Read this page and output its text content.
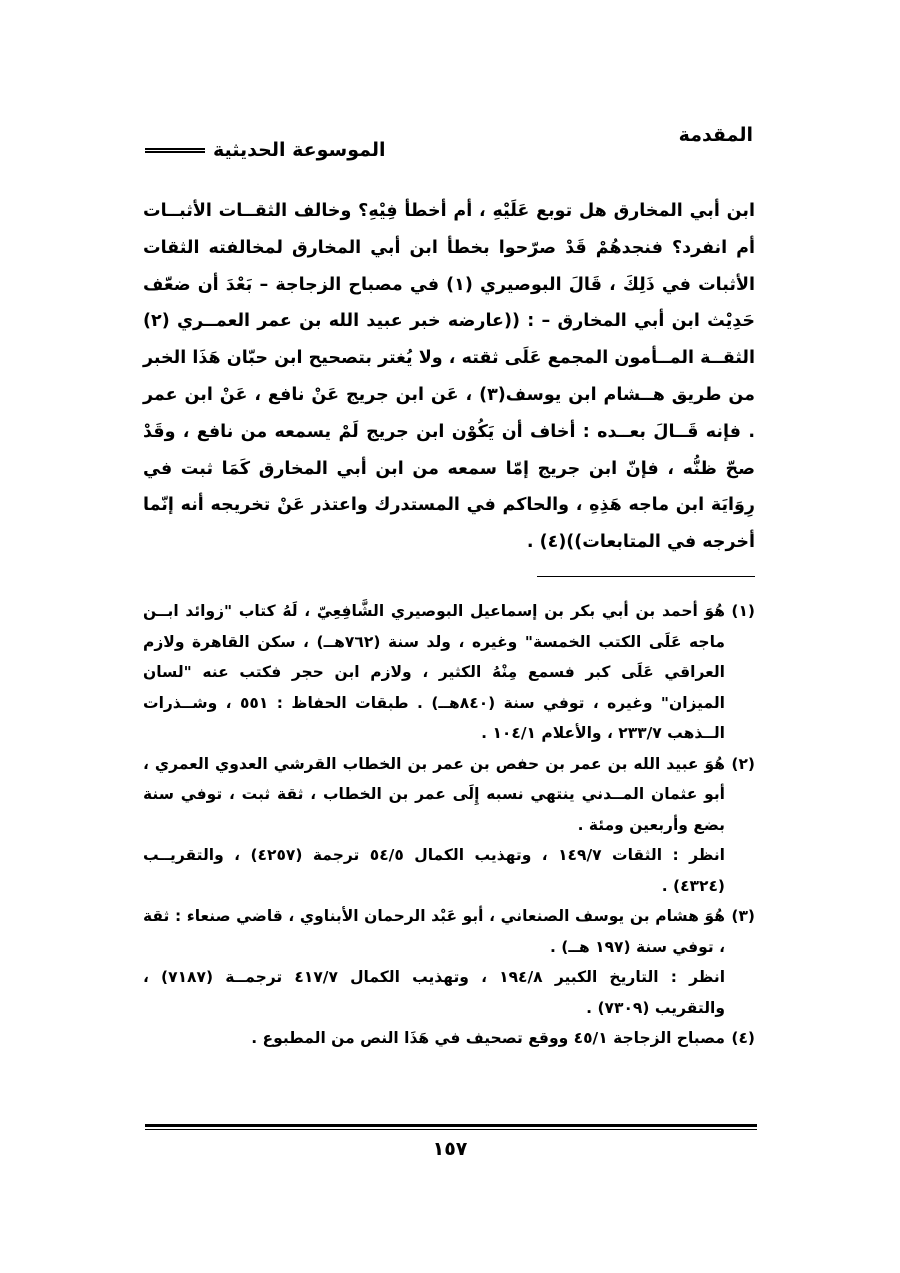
المقدمة
الموسوعة الحديثية

ابن أبي المخارق هل توبع عَلَيْهِ ، أم أخطأ فِيْهِ؟ وخالف الثقــات الأثبــات أم انفرد؟ فنجدهُمْ قَدْ صرّحوا بخطأ ابن أبي المخارق لمخالفته الثقات الأثبات في ذَلِكَ ، قَالَ البوصيري (١) في مصباح الزجاجة – بَعْدَ أن ضعّف حَدِيْث ابن أبي المخارق – : ((عارضه خبر عبيد الله بن عمر العمــري (٢) الثقــة المــأمون المجمع عَلَى ثقته ، ولا يُغتر بتصحيح ابن حبّان هَذَا الخبر من طريق هــشام ابن يوسف(٣) ، عَن ابن جريج عَنْ نافع ، عَنْ ابن عمر . فإنه قَــالَ بعــده : أخاف أن يَكُوْن ابن جريج لَمْ يسمعه من نافع ، وقَدْ صحّ ظنُّه ، فإنّ ابن جريج إمّا سمعه من ابن أبي المخارق كَمَا ثبت في رِوَايَة ابن ماجه هَذِهِ ، والحاكم في المستدرك واعتذر عَنْ تخريجه أنه إنّما أخرجه في المتابعات))(٤) .

(١)

هُوَ أحمد بن أبي بكر بن إسماعيل البوصيري الشَّافِعِيّ ، لَهُ كتاب "زوائد ابــن ماجه عَلَى الكتب الخمسة" وغيره ، ولد سنة (٧٦٢هــ) ، سكن القاهرة ولازم العراقي عَلَى كبر فسمع مِنْهُ الكثير ، ولازم ابن حجر فكتب عنه "لسان الميزان" وغيره ، توفي سنة (٨٤٠هــ) . طبقات الحفاظ : ٥٥١ ، وشــذرات الــذهب ٢٣٣/٧ ، والأعلام ١٠٤/١ .

(٢)

هُوَ عبيد الله بن عمر بن حفص بن عمر بن الخطاب القرشي العدوي العمري ، أبو عثمان المــدني ينتهي نسبه إِلَى عمر بن الخطاب ، ثقة ثبت ، توفي سنة بضع وأربعين ومئة .

انظر : الثقات ١٤٩/٧ ، وتهذيب الكمال ٥٤/٥ ترجمة (٤٢٥٧) ، والتقريــب (٤٣٢٤) .

(٣)

هُوَ هشام بن يوسف الصنعاني ، أبو عَبْد الرحمان الأبناوي ، قاضي صنعاء : ثقة ، توفي سنة (١٩٧ هــ) .

انظر : التاريخ الكبير ١٩٤/٨ ، وتهذيب الكمال ٤١٧/٧ ترجمــة (٧١٨٧) ، والتقريب (٧٣٠٩) .

(٤)

مصباح الزجاجة ٤٥/١ ووقع تصحيف في هَذَا النص من المطبوع .

١٥٧
